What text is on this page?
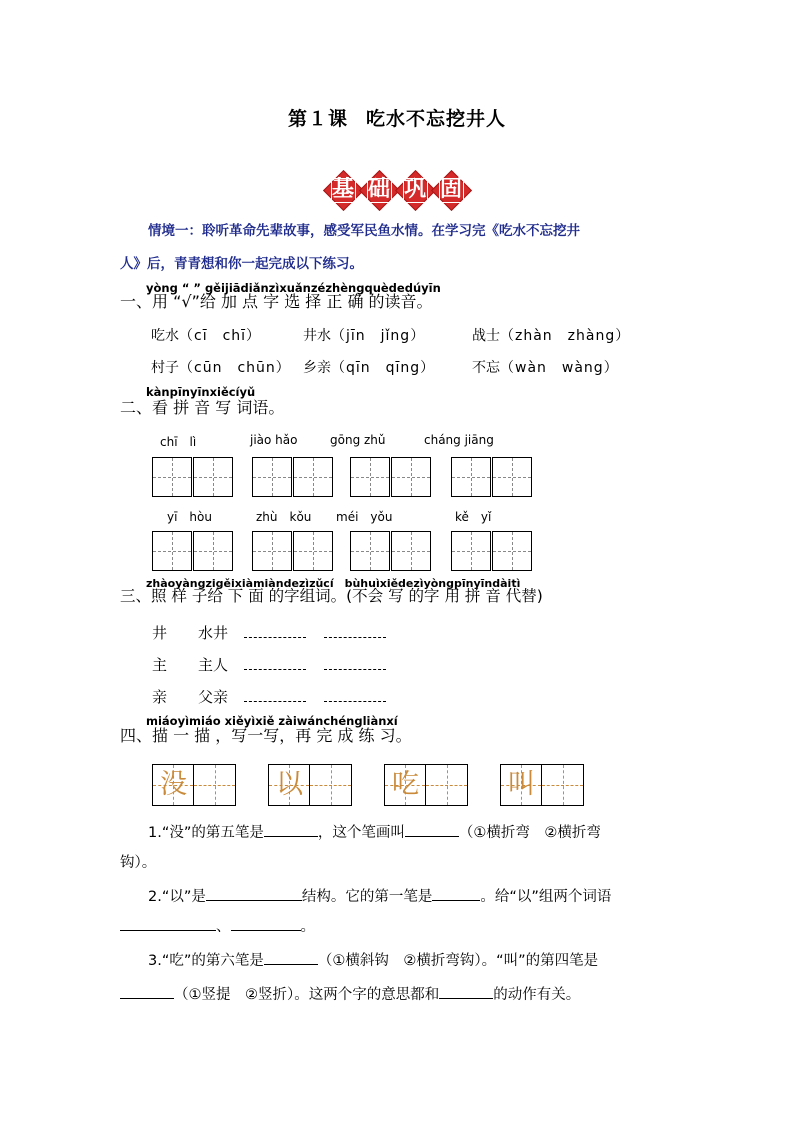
第１课 吃水不忘挖井人
基 础 巩 固
情境一：聆听革命先辈故事，感受军民鱼水情。在学习完《吃水不忘挖井
人》后，青青想和你一起完成以下练习。
yòng “ ” gěijiādiǎnzìxuǎnzézhèngquèdedúyīn
一、用 “√”给 加 点 字 选 择 正 确 的读音。
吃水（cī　chī）	井水（jīn　jǐng）	战士（zhàn　zhàng）
村子（cūn　chūn） 乡亲（qīn　qīng）	不忘（wàn　wàng）
kànpīnyīnxiěcíyǔ
二、看 拼 音 写 词语。
chī　lì	jiào hǎo	gōng zhǔ	cháng jiāng
yī　hòu	zhù　kǒu méi　yǒu	kě　yǐ
zhàoyàngzigěixiàmiàndezìzǔcí　bùhuìxiědezìyòngpīnyīndàitì
三、照 样 子给 下 面 的字组词。(不会 写 的字 用 拼 音 代替)
井 水井
主 主人
亲 父亲
miáoyìmiáo xiěyìxiě zàiwánchéngliànxí
四、描 一 描 ，写一写，再 完 成 练 习。
没	以	吃	叫
1.“没”的第五笔是	，这个笔画叫	（①横折弯　②横折弯
钩）。
2.“以”是	结构。它的第一笔是	。给“以”组两个词语
、	。
3.“吃”的第六笔是	（①横斜钩　②横折弯钩）。“叫”的第四笔是
（①竖提　②竖折）。这两个字的意思都和	的动作有关。
